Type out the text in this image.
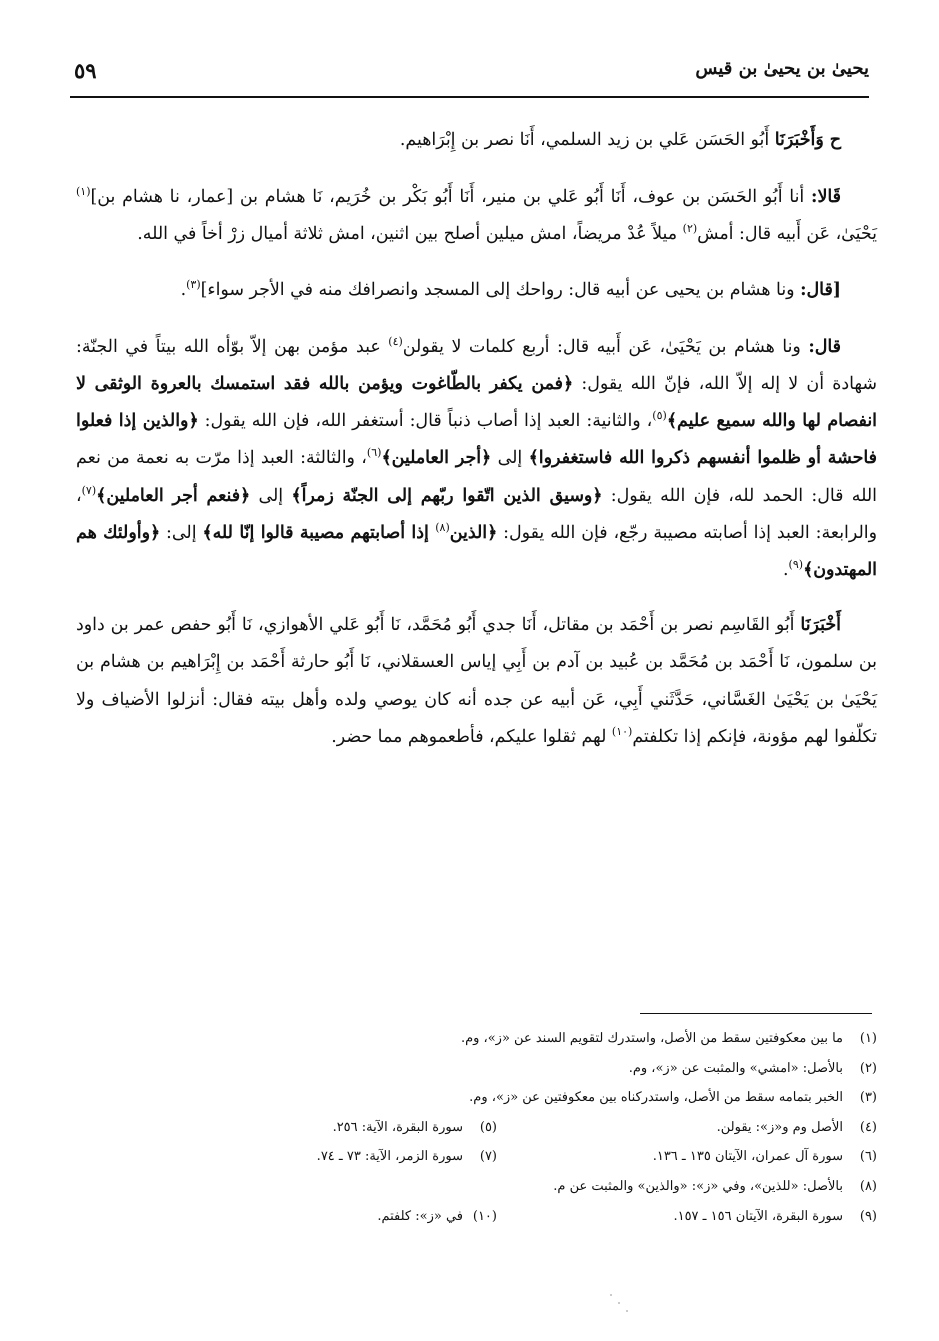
يحيىٰ بن يحيىٰ بن قيس
٥٩

ح وَأَخْبَرَنَا أَبُو الحَسَن عَلي بن زيد السلمي، أَنَا نصر بن إِبْرَاهيم.

قَالا: أنا أَبُو الحَسَن بن عوف، أَنَا أَبُو عَلي بن منير، أَنَا أَبُو بَكْر بن خُرَيم، نَا هشام بن [عمار، نا هشام بن]$^{(١)}$ يَحْيَىٰ، عَن أَبيه قال: أمش$^{(٢)}$ ميلاً عُدْ مريضاً، امش ميلين أصلح بين اثنين، امش ثلاثة أميال زرْ أخاً في الله.

[قال: ونا هشام بن يحيى عن أبيه قال: رواحك إلى المسجد وانصرافك منه في الأجر سواء]$^{(٣)}$.

قال: ونا هشام بن يَحْيَىٰ، عَن أَبيه قال: أربع كلمات لا يقولن$^{(٤)}$ عبد مؤمن بهن إلاّ بوّأه الله بيتاً في الجنّة: شهادة أن لا إله إلاّ الله، فإنّ الله يقول: ﴿فمن يكفر بالطّاغوت ويؤمن بالله فقد استمسك بالعروة الوثقى لا انفصام لها والله سميع عليم﴾$^{(٥)}$، والثانية: العبد إذا أصاب ذنباً قال: أستغفر الله، فإن الله يقول: ﴿والذين إذا فعلوا فاحشة أو ظلموا أنفسهم ذكروا الله فاستغفروا﴾ إلى ﴿أجر العاملين﴾$^{(٦)}$، والثالثة: العبد إذا مرّت به نعمة من نعم الله قال: الحمد لله، فإن الله يقول: ﴿وسيق الذين اتّقوا ربّهم إلى الجنّة زمراً﴾ إلى ﴿فنعم أجر العاملين﴾$^{(٧)}$، والرابعة: العبد إذا أصابته مصيبة رجّع، فإن الله يقول: ﴿الذين$^{(٨)}$ إذا أصابتهم مصيبة قالوا إنّا لله﴾ إلى: ﴿وأولئك هم المهتدون﴾$^{(٩)}$.

أَخْبَرَنَا أَبُو القَاسِم نصر بن أَحْمَد بن مقاتل، أَنَا جدي أَبُو مُحَمَّد، نَا أَبُو عَلي الأهوازي، نَا أَبُو حفص عمر بن داود بن سلمون، نَا أَحْمَد بن مُحَمَّد بن عُبيد بن آدم بن أَبِي إياس العسقلاني، نَا أَبُو حارثة أَحْمَد بن إِبْرَاهيم بن هشام بن يَحْيَىٰ بن يَحْيَىٰ الغَسَّاني، حَدَّثَني أَبِي، عَن أبيه عن جده أنه كان يوصي ولده وأهل بيته فقال: أنزلوا الأضياف ولا تكلّفوا لهم مؤونة، فإنكم إذا تكلفتم$^{(١٠)}$ لهم ثقلوا عليكم، فأطعموهم مما حضر.

(١)ما بين معكوفتين سقط من الأصل، واستدرك لتقويم السند عن «ز»، وم.
(٢)بالأصل: «امشي» والمثبت عن «ز»، وم.
(٣)الخبر بتمامه سقط من الأصل، واستدركناه بين معكوفتين عن «ز»، وم.
(٤)الأصل وم و«ز»: يقولن.
(٥)سورة البقرة، الآية: ٢٥٦.
(٦)سورة آل عمران، الآيتان ١٣٥ ـ ١٣٦.
(٧)سورة الزمر، الآية: ٧٣ ـ ٧٤.
(٨)بالأصل: «للذين»، وفي «ز»: «والذين» والمثبت عن م.
(٩)سورة البقرة، الآيتان ١٥٦ ـ ١٥٧.
(١٠)في «ز»: كلفتم.
